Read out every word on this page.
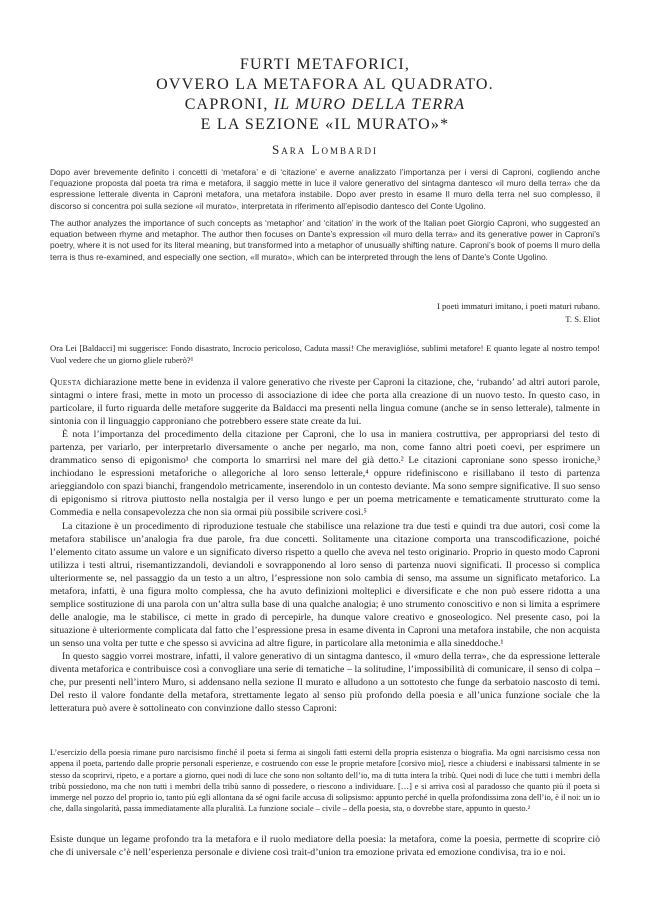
FURTI METAFORICI,
OVVERO LA METAFORA AL QUADRATO.
CAPRONI, IL MURO DELLA TERRA
E LA SEZIONE «IL MURATO»*
Sara Lombardi
Dopo aver brevemente definito i concetti di ‘metafora’ e di ‘citazione’ e averne analizzato l’importanza per i versi di Caproni, cogliendo anche l’equazione proposta dal poeta tra rima e metafora, il saggio mette in luce il valore generativo del sintagma dantesco «il muro della terra» che da espressione letterale diventa in Caproni metafora, una metafora instabile. Dopo aver presto in esame Il muro della terra nel suo complesso, il discorso si concentra poi sulla sezione «il murato», interpretata in riferimento all’episodio dantesco del Conte Ugolino.
The author analyzes the importance of such concepts as ‘metaphor’ and ‘citation’ in the work of the Italian poet Giorgio Caproni, who suggested an equation between rhyme and metaphor. The author then focuses on Dante’s expression «il muro della terra» and its generative power in Caproni’s poetry, where it is not used for its literal meaning, but transformed into a metaphor of unusually shifting nature. Caproni’s book of poems Il muro della terra is thus re-examined, and especially one section, «Il murato», which can be interpreted through the lens of Dante’s Conte Ugolino.
I poeti immaturi imitano, i poeti maturi rubano.
T. S. Eliot
Ora Lei [Baldacci] mi suggerisce: Fondo disastrato, Incrocio pericoloso, Caduta massi! Che meraviglióse, sublimi metafore! E quanto legate al nostro tempo! Vuol vedere che un giorno gliele ruberò?¹

Questa dichiarazione mette bene in evidenza il valore generativo che riveste per Caproni la citazione, che, ‘rubando’ ad altri autori parole, sintagmi o intere frasi, mette in moto un processo di associazione di idee che porta alla creazione di un nuovo testo. In questo caso, in particolare, il furto riguarda delle metafore suggerite da Baldacci ma presenti nella lingua comune (anche se in senso letterale), talmente in sintonia con il linguaggio capproniano che potrebbero essere state create da lui.

È nota l’importanza del procedimento della citazione per Caproni, che lo usa in maniera costruttiva, per appropriarsi del testo di partenza, per variarlo, per interpretarlo diversamente o anche per negarlo, ma non, come fanno altri poeti coevi, per esprimere un drammatico senso di epigonismo¹ che comporta lo smarrirsi nel mare del già detto.² Le citazioni caproniane sono spesso ironiche,³ inchiodano le espressioni metaforiche o allegoriche al loro senso letterale,⁴ oppure ridefiniscono e risillabano il testo di partenza arieggiandolo con spazi bianchi, frangendolo metricamente, inserendolo in un contesto deviante. Ma sono sempre significative. Il suo senso di epigonismo si ritrova piuttosto nella nostalgia per il verso lungo e per un poema metricamente e tematicamente strutturato come la Commedia e nella consapevolezza che non sia ormai più possibile scrivere così.⁵

La citazione è un procedimento di riproduzione testuale che stabilisce una relazione tra due testi e quindi tra due autori, così come la metafora stabilisce un’analogia fra due parole, fra due concetti. Solitamente una citazione comporta una transcodificazione, poiché l’elemento citato assume un valore e un significato diverso rispetto a quello che aveva nel testo originario. Proprio in questo modo Caproni utilizza i testi altrui, risemantizzandoli, deviandoli e sovrapponendo al loro senso di partenza nuovi significati. Il processo si complica ulteriormente se, nel passaggio da un testo a un altro, l’espressione non solo cambia di senso, ma assume un significato metaforico. La metafora, infatti, è una figura molto complessa, che ha avuto definizioni molteplici e diversificate e che non può essere ridotta a una semplice sostituzione di una parola con un’altra sulla base di una qualche analogia; è uno strumento conoscitivo e non si limita a esprimere delle analogie, ma le stabilisce, ci mette in grado di percepirle, ha dunque valore creativo e gnoseologico. Nel presente caso, poi la situazione è ulteriormente complicata dal fatto che l’espressione presa in esame diventa in Caproni una metafora instabile, che non acquista un senso una volta per tutte e che spesso si avvicina ad altre figure, in particolare alla metonimia e alla sineddoche.¹

In questo saggio vorrei mostrare, infatti, il valore generativo di un sintagma dantesco, il «muro della terra», che da espressione letterale diventa metaforica e contribuisce così a convogliare una serie di tematiche – la solitudine, l’impossibilità di comunicare, il senso di colpa – che, pur presenti nell’intero Muro, si addensano nella sezione Il murato e alludono a un sottotesto che funge da serbatoio nascosto di temi. Del resto il valore fondante della metafora, strettamente legato al senso più profondo della poesia e all’unica funzione sociale che la letteratura può avere è sottolineato con convinzione dallo stesso Caproni:

L’esercizio della poesia rimane puro narcisismo finché il poeta si ferma ai singoli fatti esterni della propria esistenza o biografia. Ma ogni narcisismo cessa non appena il poeta, partendo dalle proprie personali esperienze, e costruendo con esse le proprie metafore [corsivo mio], riesce a chiudersi e inabissarsi talmente in se stesso da scoprirvi, ripeto, e a portare a giorno, quei nodi di luce che sono non soltanto dell’io, ma di tutta intera la tribù. Quei nodi di luce che tutti i membri della tribù possiedono, ma che non tutti i membri della tribù sanno di possedere, o riescono a individuare. […] e si arriva così al paradosso che quanto più il poeta si immerge nel pozzo del proprio io, tanto più egli allontana da sé ogni facile accusa di solipsismo: appunto perché in quella profondissima zona dell’io, è il noi: un io che, dalla singolarità, passa immediatamente alla pluralità. La funzione sociale – civile – della poesia, sta, o dovrebbe stare, appunto in questo.²

Esiste dunque un legame profondo tra la metafora e il ruolo mediatore della poesia: la metafora, come la poesia, permette di scoprire ciò che di universale c’è nell’esperienza personale e diviene così trait-d’union tra emozione privata ed emozione condivisa, tra io e noi.
